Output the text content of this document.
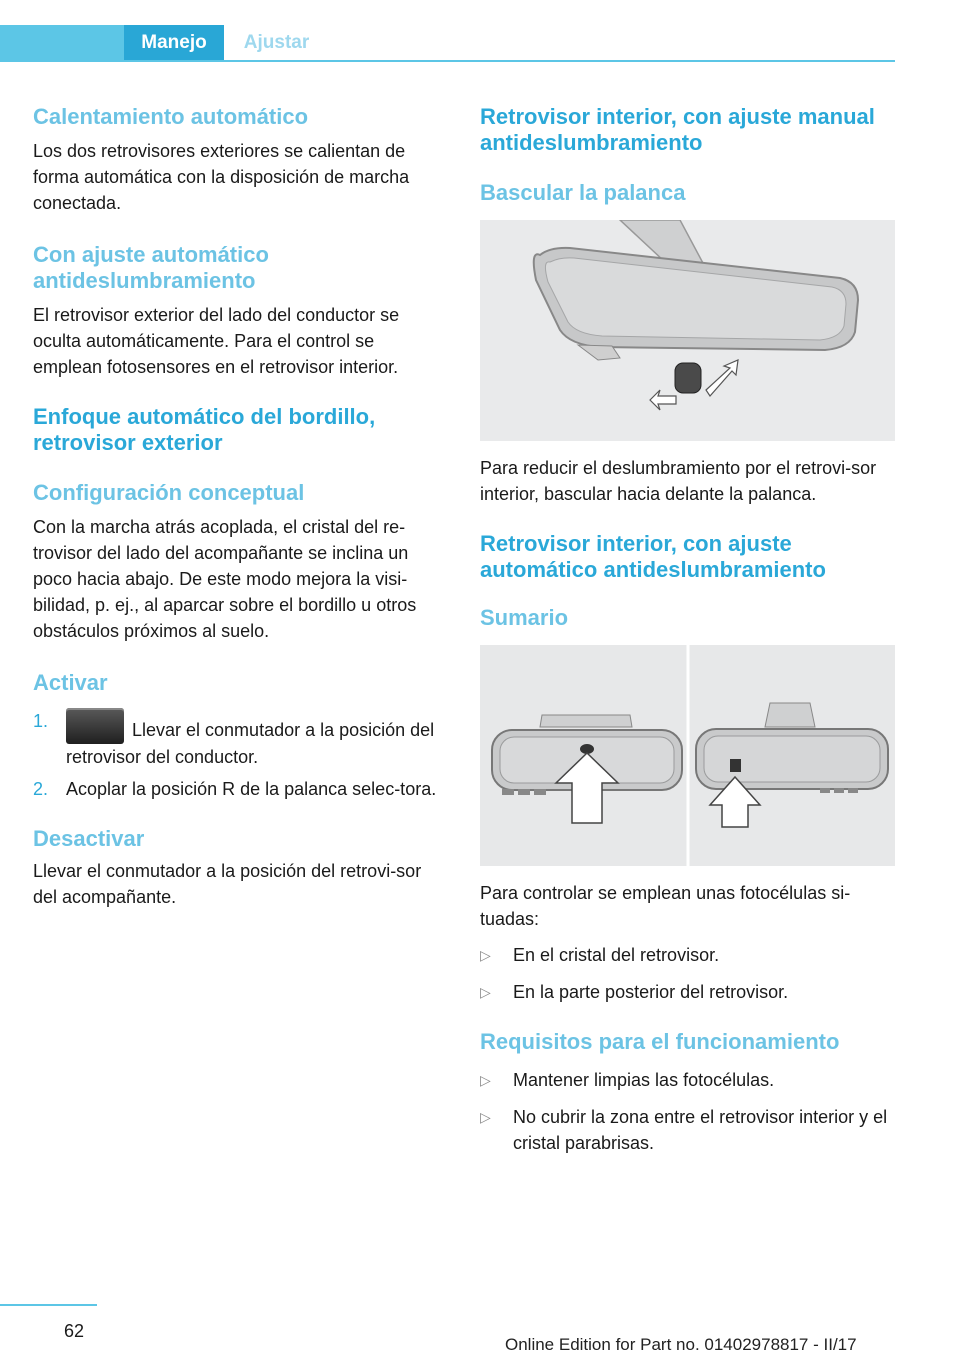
Manejo	Ajustar
Calentamiento automático

Los dos retrovisores exteriores se calientan de forma automática con la disposición de marcha conectada.

Con ajuste automático antideslumbramiento

El retrovisor exterior del lado del conductor se oculta automáticamente. Para el control se emplean fotosensores en el retrovisor interior.

Enfoque automático del bordillo, retrovisor exterior
Configuración conceptual

Con la marcha atrás acoplada, el cristal del re‐trovisor del lado del acompañante se inclina un poco hacia abajo. De este modo mejora la visi‐bilidad, p. ej., al aparcar sobre el bordillo u otros obstáculos próximos al suelo.

Activar
1.	Llevar el conmutador a la posición del retrovisor del conductor.
2. Acoplar la posición R de la palanca selec‐tora.
Desactivar

Llevar el conmutador a la posición del retrovi‐sor del acompañante.

Retrovisor interior, con ajuste manual antideslumbramiento
Bascular la palanca

Para reducir el deslumbramiento por el retrovi‐sor interior, bascular hacia delante la palanca.

Retrovisor interior, con ajuste automático antideslumbramiento
Sumario

Para controlar se emplean unas fotocélulas si‐tuadas:

▷ En el cristal del retrovisor.
▷ En la parte posterior del retrovisor.
Requisitos para el funcionamiento
▷ Mantener limpias las fotocélulas.
▷ No cubrir la zona entre el retrovisor interior y el cristal parabrisas.
62
Online Edition for Part no. 01402978817 - II/17
